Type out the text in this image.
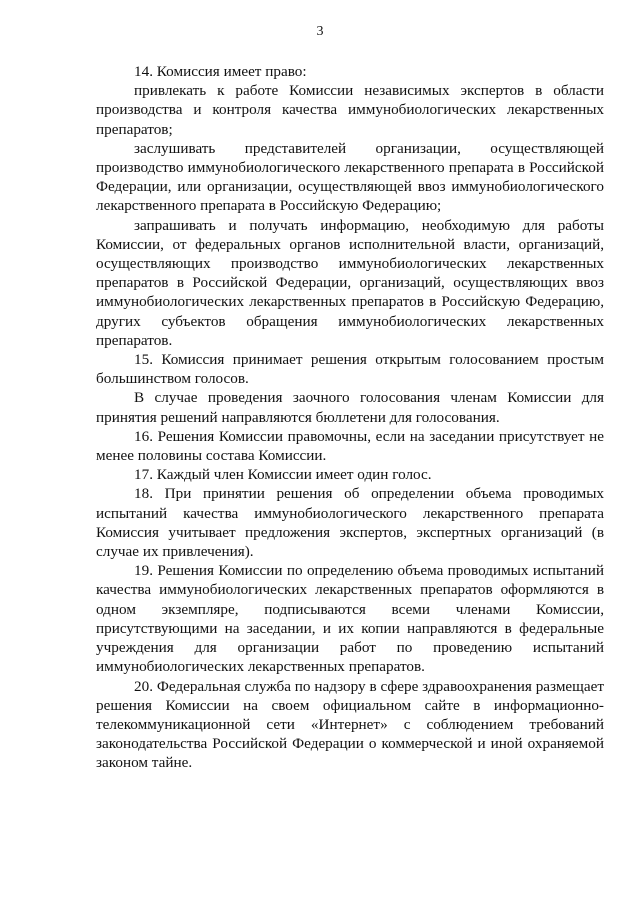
3

14. Комиссия имеет право:

привлекать к работе Комиссии независимых экспертов в области производства и контроля качества иммунобиологических лекарственных препаратов;

заслушивать представителей организации, осуществляющей производство иммунобиологического лекарственного препарата в Российской Федерации, или организации, осуществляющей ввоз иммунобиологического лекарственного препарата в Российскую Федерацию;

запрашивать и получать информацию, необходимую для работы Комиссии, от федеральных органов исполнительной власти, организаций, осуществляющих производство иммунобиологических лекарственных препаратов в Российской Федерации, организаций, осуществляющих ввоз иммунобиологических лекарственных препаратов в Российскую Федерацию, других субъектов обращения иммунобиологических лекарственных препаратов.

15. Комиссия принимает решения открытым голосованием простым большинством голосов.

В случае проведения заочного голосования членам Комиссии для принятия решений направляются бюллетени для голосования.

16. Решения Комиссии правомочны, если на заседании присутствует не менее половины состава Комиссии.

17. Каждый член Комиссии имеет один голос.

18. При принятии решения об определении объема проводимых испытаний качества иммунобиологического лекарственного препарата Комиссия учитывает предложения экспертов, экспертных организаций (в случае их привлечения).

19. Решения Комиссии по определению объема проводимых испытаний качества иммунобиологических лекарственных препаратов оформляются в одном экземпляре, подписываются всеми членами Комиссии, присутствующими на заседании, и их копии направляются в федеральные учреждения для организации работ по проведению испытаний иммунобиологических лекарственных препаратов.

20. Федеральная служба по надзору в сфере здравоохранения размещает решения Комиссии на своем официальном сайте в информационно-телекоммуникационной сети «Интернет» с соблюдением требований законодательства Российской Федерации о коммерческой и иной охраняемой законом тайне.
